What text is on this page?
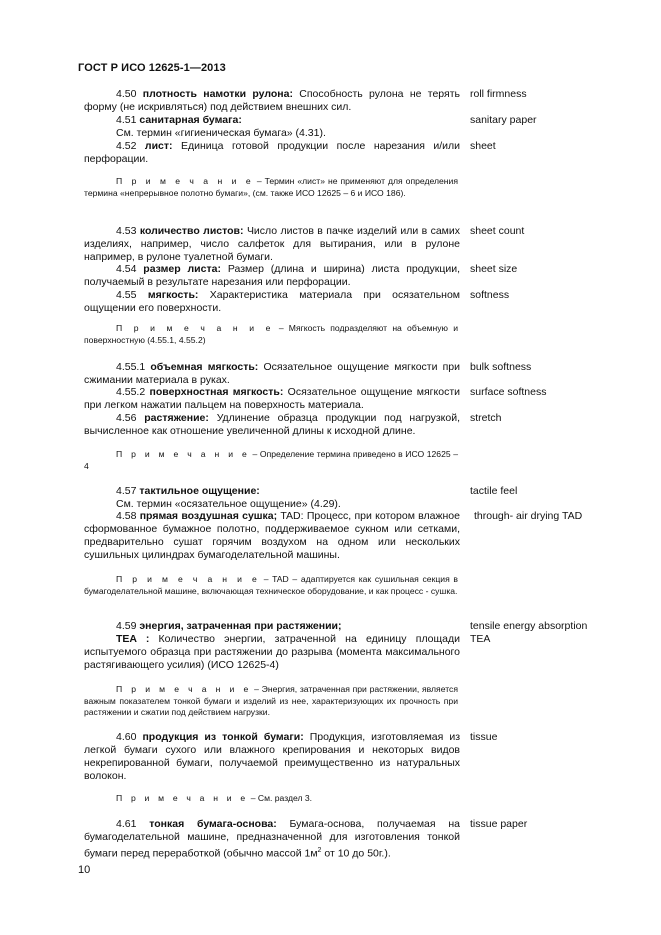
ГОСТ Р ИСО 12625-1—2013

4.50 плотность намотки рулона: Способность рулона не терять форму (не искривляться) под действием внешних сил.

roll firmness

4.51 санитарная бумага:

См. термин «гигиеническая бумага» (4.31).

sanitary paper

4.52 лист: Единица готовой продукции после нарезания и/или перфорации.

sheet
П р и м е ч а н и е – Термин «лист» не применяют для определения термина «непрерывное полотно бумаги», (см. также ИСО 12625 – 6 и ИСО 186).

4.53 количество листов: Число листов в пачке изделий или в самих изделиях, например, число салфеток для вытирания, или в рулоне например, в рулоне туалетной бумаги.

sheet count

4.54 размер листа: Размер (длина и ширина) листа продукции, получаемый в результате нарезания или перфорации.

sheet size

4.55 мягкость: Характеристика материала при осязательном ощущении его поверхности.

softness
П р и м е ч а н и е – Мягкость подразделяют на объемную и поверхностную (4.55.1, 4.55.2)

4.55.1 объемная мягкость: Осязательное ощущение мягкости при сжимании материала в руках.

bulk softness

4.55.2 поверхностная мягкость: Осязательное ощущение мягкости при легком нажатии пальцем на поверхность материала.

surface softness

4.56 растяжение: Удлинение образца продукции под нагрузкой, вычисленное как отношение увеличенной длины к исходной длине.

stretch
П р и м е ч а н и е – Определение термина приведено в ИСО 12625 – 4

4.57 тактильное ощущение:

См. термин «осязательное ощущение» (4.29).

tactile feel

4.58 прямая воздушная сушка; TAD: Процесс, при котором влажное сформованное бумажное полотно, поддерживаемое сукном или сетками, предварительно сушат горячим воздухом на одном или нескольких сушильных цилиндрах бумагоделательной машины.

through- air drying TAD
П р и м е ч а н и е – TAD – адаптируется как сушильная секция в бумагоделательной машине, включающая техническое оборудование, и как процесс - сушка.

4.59 энергия, затраченная при растяжении;

TEA : Количество энергии, затраченной на единицу площади испытуемого образца при растяжении до разрыва (момента максимального растягивающего усилия) (ИСО 12625-4)

tensile energy absorption
TEA
П р и м е ч а н и е – Энергия, затраченная при растяжении, является важным показателем тонкой бумаги и изделий из нее, характеризующих их прочность при растяжении и сжатии под действием нагрузки.

4.60 продукция из тонкой бумаги: Продукция, изготовляемая из легкой бумаги сухого или влажного крепирования и некоторых видов некрепированной бумаги, получаемой преимущественно из натуральных волокон.

tissue
П р и м е ч а н и е – См. раздел 3.

4.61 тонкая бумага-основа: Бумага-основа, получаемая на бумагоделательной машине, предназначенной для изготовления тонкой бумаги перед переработкой (обычно массой $1м^2$ от 10 до 50г.).

tissue paper
10
